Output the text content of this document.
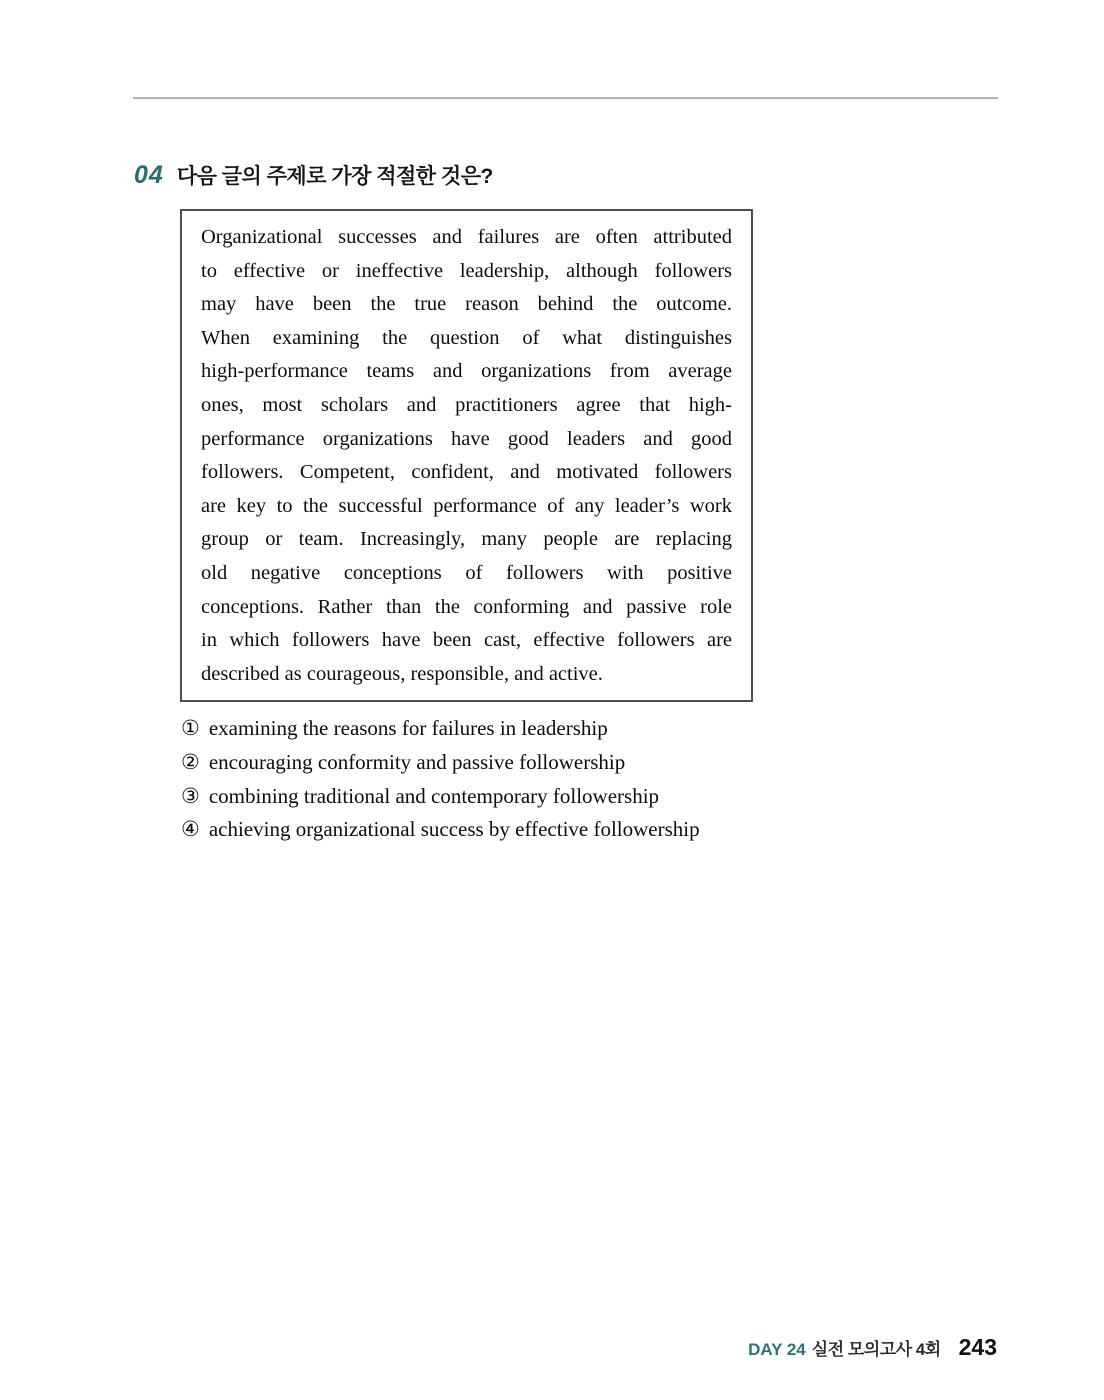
04 다음 글의 주제로 가장 적절한 것은?
Organizational successes and failures are often attributed
to effective or ineffective leadership, although followers
may have been the true reason behind the outcome.
When examining the question of what distinguishes
high-performance teams and organizations from average
ones, most scholars and practitioners agree that high-
performance organizations have good leaders and good
followers. Competent, confident, and motivated followers
are key to the successful performance of any leader’s work
group or team. Increasingly, many people are replacing
old negative conceptions of followers with positive
conceptions. Rather than the conforming and passive role
in which followers have been cast, effective followers are
described as courageous, responsible, and active.
① examining the reasons for failures in leadership
② encouraging conformity and passive followership
③ combining traditional and contemporary followership
④ achieving organizational success by effective followership
DAY 24 실전 모의고사 4회 243
